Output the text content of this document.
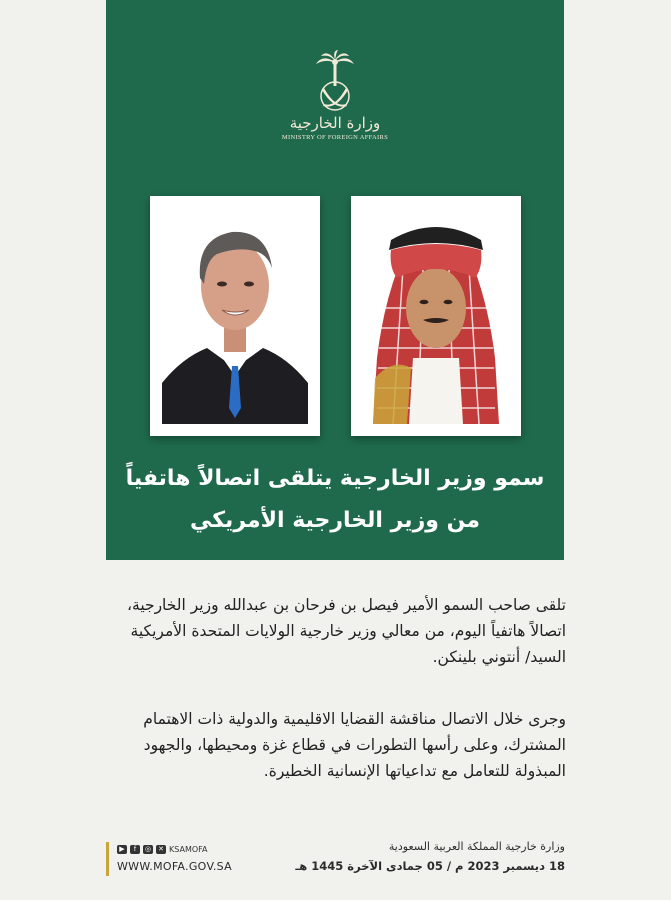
وزارة الخارجية
MINISTRY OF FOREIGN AFFAIRS
سمو وزير الخارجية يتلقى اتصالاً هاتفياً
من وزير الخارجية الأمريكي

تلقى صاحب السمو الأمير فيصل بن فرحان بن عبدالله وزير الخارجية، اتصالاً هاتفياً اليوم، من معالي وزير خارجية الولايات المتحدة الأمريكية السيد/ أنتوني بلينكن.

وجرى خلال الاتصال مناقشة القضايا الاقليمية والدولية ذات الاهتمام المشترك، وعلى رأسها التطورات في قطاع غزة ومحيطها، والجهود المبذولة للتعامل مع تداعياتها الإنسانية الخطيرة.

▶	f	◎ ✕ KSAMOFA
WWW.MOFA.GOV.SA
وزارة خارجية المملكة العربية السعودية
18 ديسمبر 2023 م / 05 جمادى الآخرة 1445 هـ
